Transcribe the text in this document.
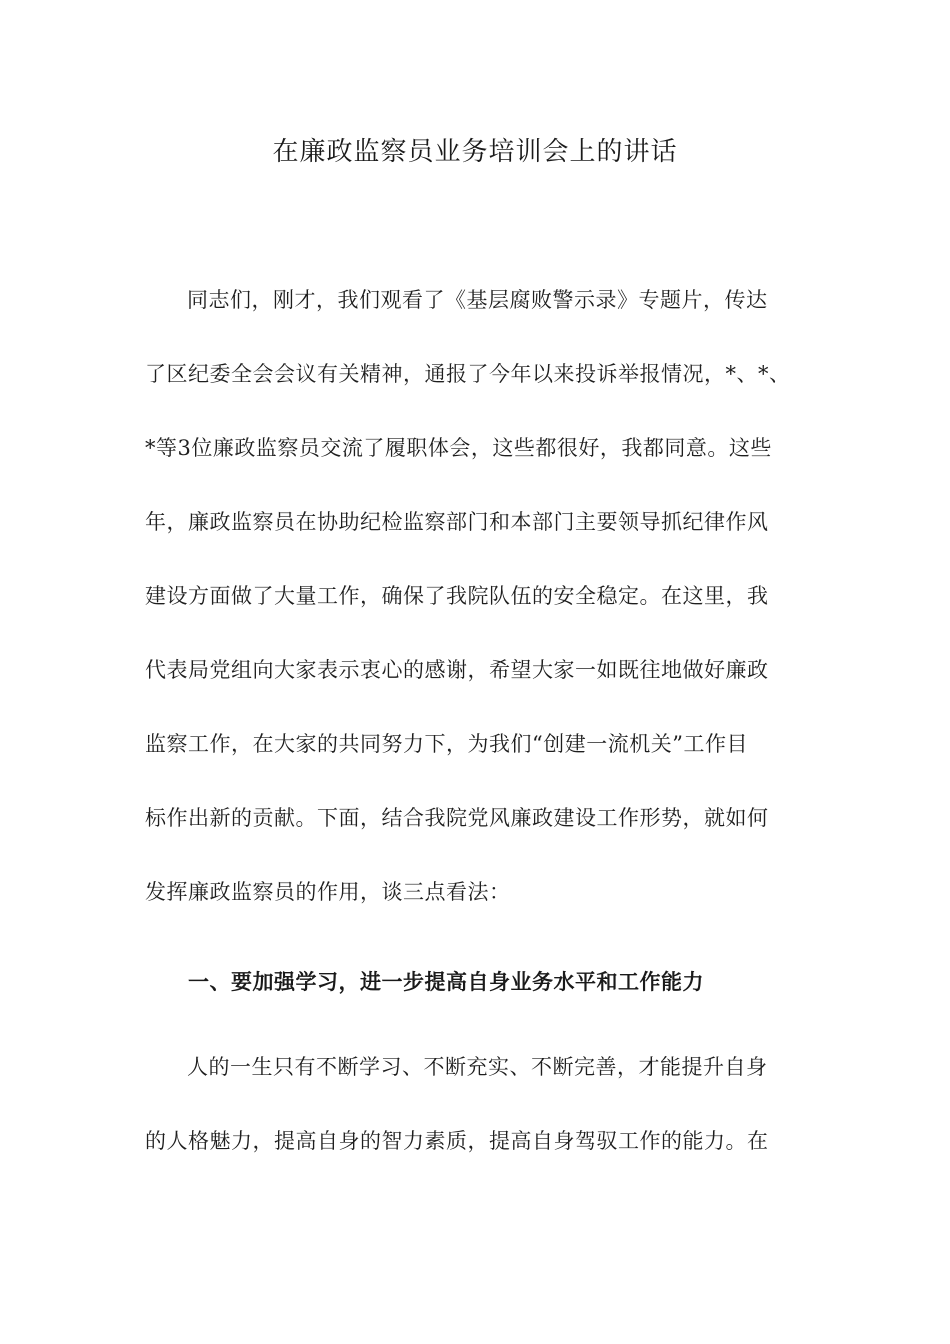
在廉政监察员业务培训会上的讲话
同志们，刚才，我们观看了《基层腐败警示录》专题片，传达
了区纪委全会会议有关精神，通报了今年以来投诉举报情况，*、*、
*等3位廉政监察员交流了履职体会，这些都很好，我都同意。这些
年，廉政监察员在协助纪检监察部门和本部门主要领导抓纪律作风
建设方面做了大量工作，确保了我院队伍的安全稳定。在这里，我
代表局党组向大家表示衷心的感谢，希望大家一如既往地做好廉政
监察工作，在大家的共同努力下，为我们“创建一流机关”工作目
标作出新的贡献。下面，结合我院党风廉政建设工作形势，就如何
发挥廉政监察员的作用，谈三点看法：
一、要加强学习，进一步提高自身业务水平和工作能力
人的一生只有不断学习、不断充实、不断完善，才能提升自身
的人格魅力，提高自身的智力素质，提高自身驾驭工作的能力。在
